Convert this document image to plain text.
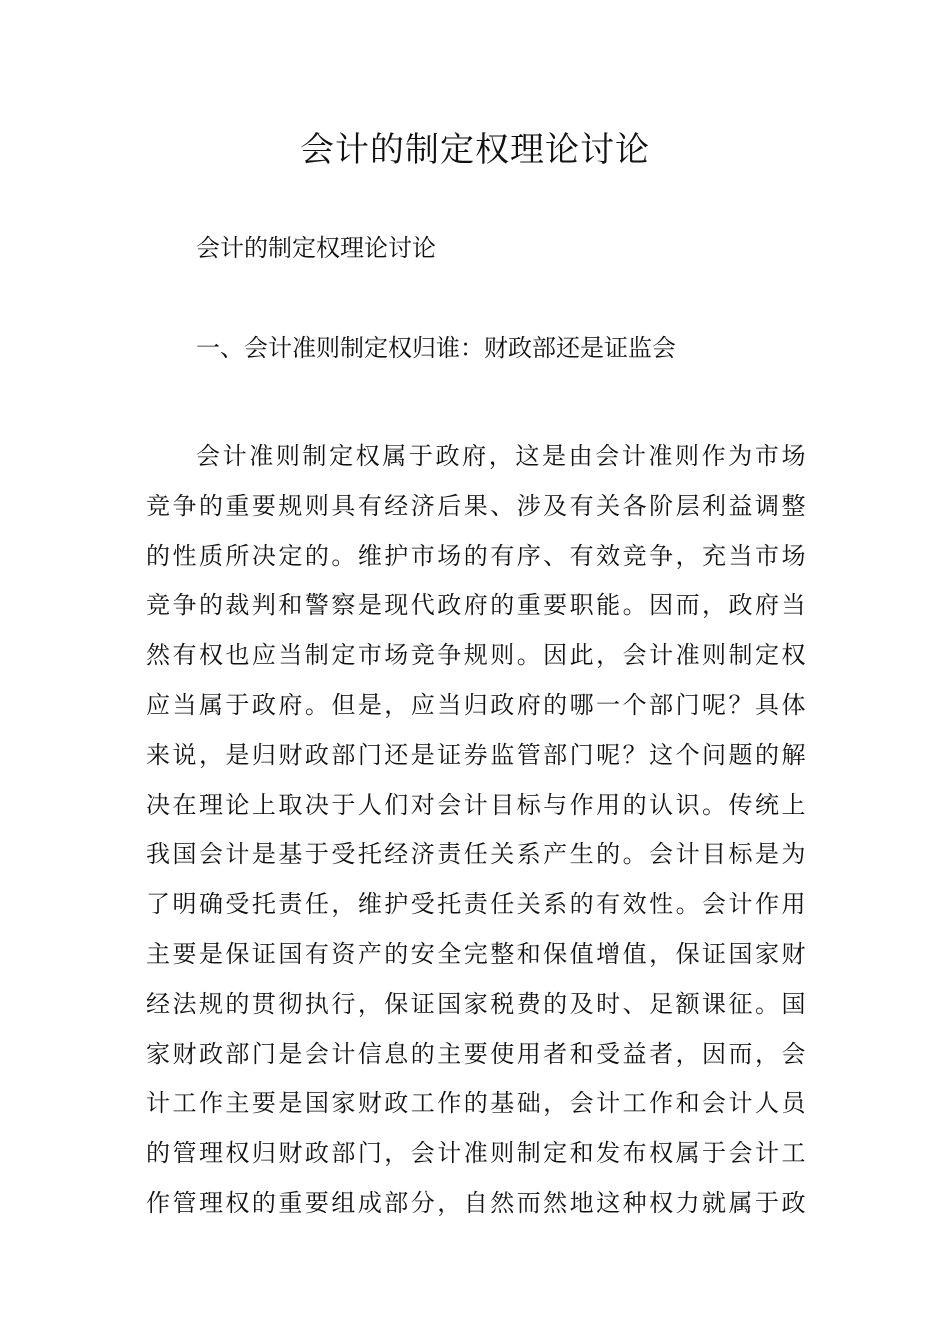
会计的制定权理论讨论
会计的制定权理论讨论
一、会计准则制定权归谁：财政部还是证监会
会计准则制定权属于政府，这是由会计准则作为市场
竞争的重要规则具有经济后果、涉及有关各阶层利益调整
的性质所决定的。维护市场的有序、有效竞争，充当市场
竞争的裁判和警察是现代政府的重要职能。因而，政府当
然有权也应当制定市场竞争规则。因此，会计准则制定权
应当属于政府。但是，应当归政府的哪一个部门呢？具体
来说，是归财政部门还是证券监管部门呢？这个问题的解
决在理论上取决于人们对会计目标与作用的认识。传统上
我国会计是基于受托经济责任关系产生的。会计目标是为
了明确受托责任，维护受托责任关系的有效性。会计作用
主要是保证国有资产的安全完整和保值增值，保证国家财
经法规的贯彻执行，保证国家税费的及时、足额课征。国
家财政部门是会计信息的主要使用者和受益者，因而，会
计工作主要是国家财政工作的基础，会计工作和会计人员
的管理权归财政部门，会计准则制定和发布权属于会计工
作管理权的重要组成部分，自然而然地这种权力就属于政
